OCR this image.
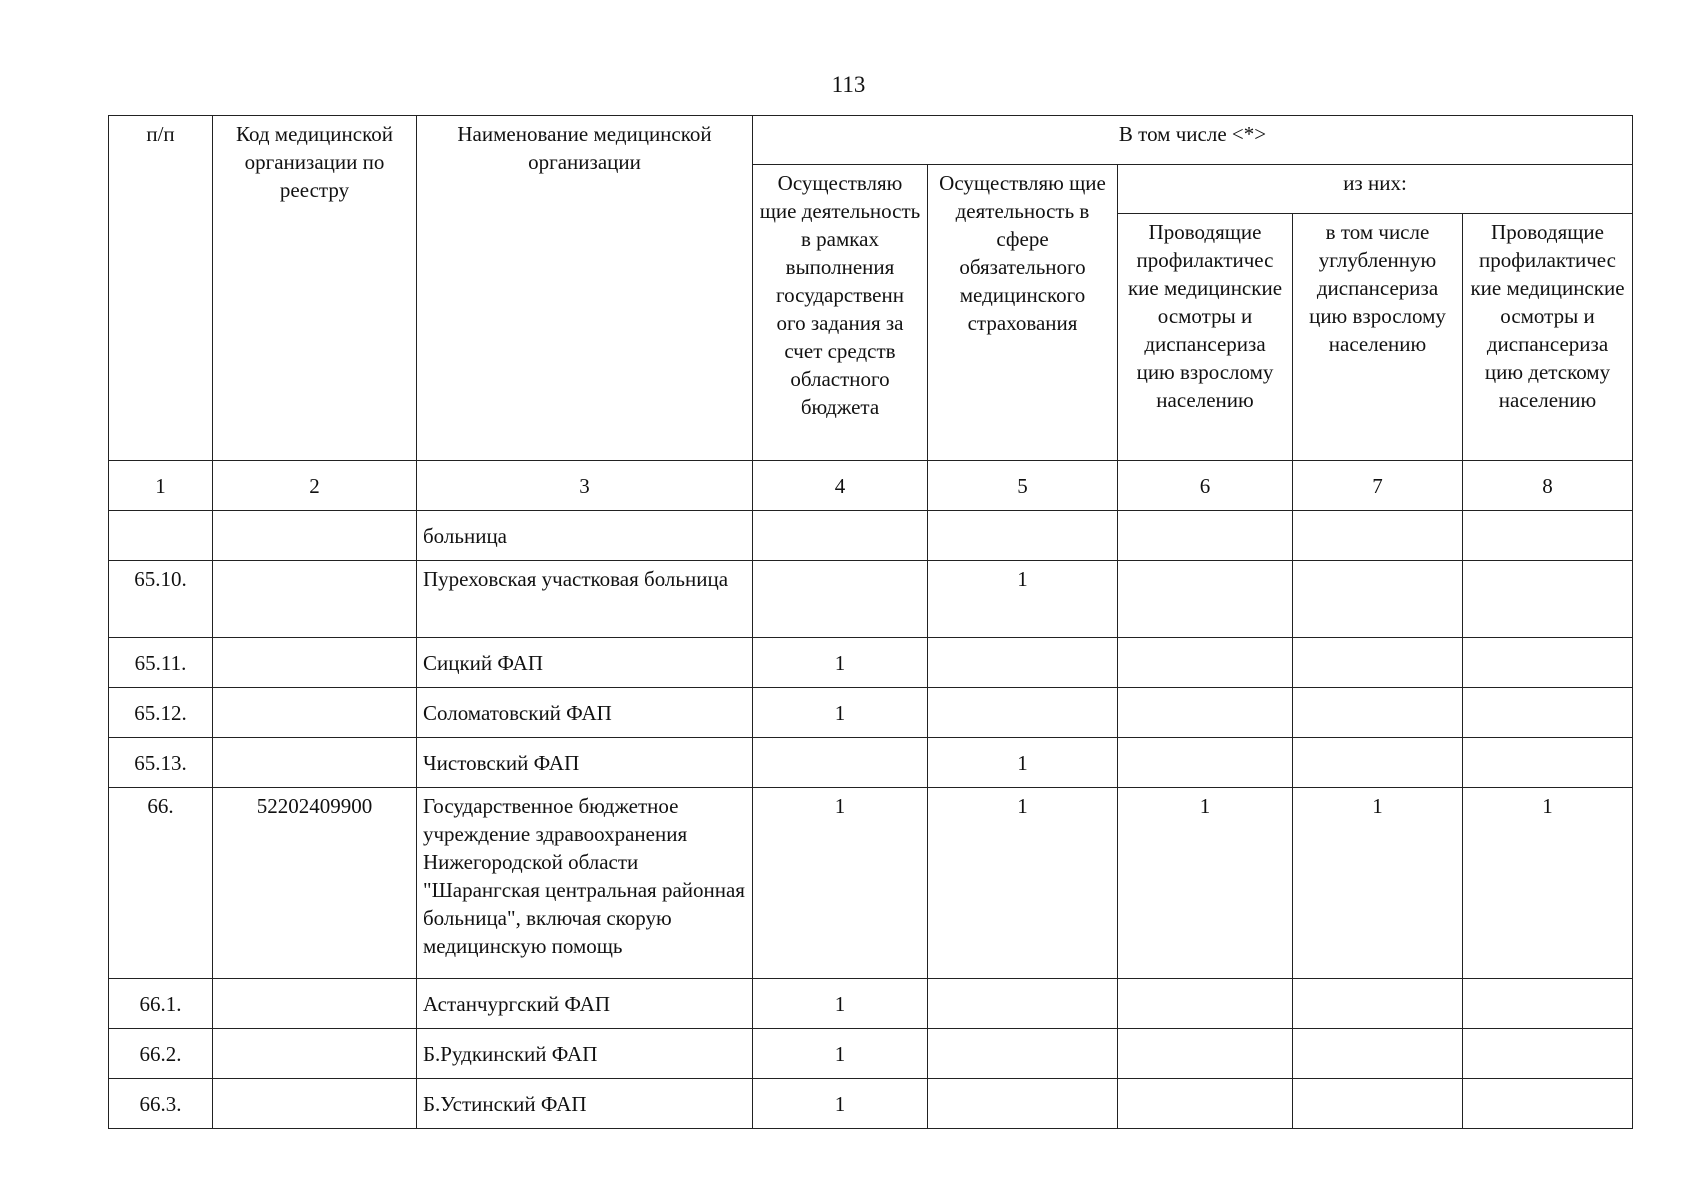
113
п/п	Код медицинской организации по реестру	Наименование медицинской организации	В том числе <*>				
			Осуществляю щие деятельность в рамках выполнения государственн ого задания за счет средств областного бюджета	Осуществляю щие деятельность в сфере обязательного медицинского страхования	из них:		
					Проводящие профилактичес кие медицинские осмотры и диспансериза цию взрослому населению	в том числе углубленную диспансериза цию взрослому населению	Проводящие профилактичес кие медицинские осмотры и диспансериза цию детскому населению
1	2	3	4	5	6	7	8
		больница					
65.10.		Пуреховская участковая больница		1			
65.11.		Сицкий ФАП	1				
65.12.		Соломатовский ФАП	1				
65.13.		Чистовский ФАП		1			
66.	52202409900	Государственное бюджетное учреждение здравоохранения Нижегородской области "Шарангская центральная районная больница", включая скорую медицинскую помощь	1	1	1	1	1
66.1.		Астанчургский ФАП	1				
66.2.		Б.Рудкинский ФАП	1				
66.3.		Б.Устинский ФАП	1				
